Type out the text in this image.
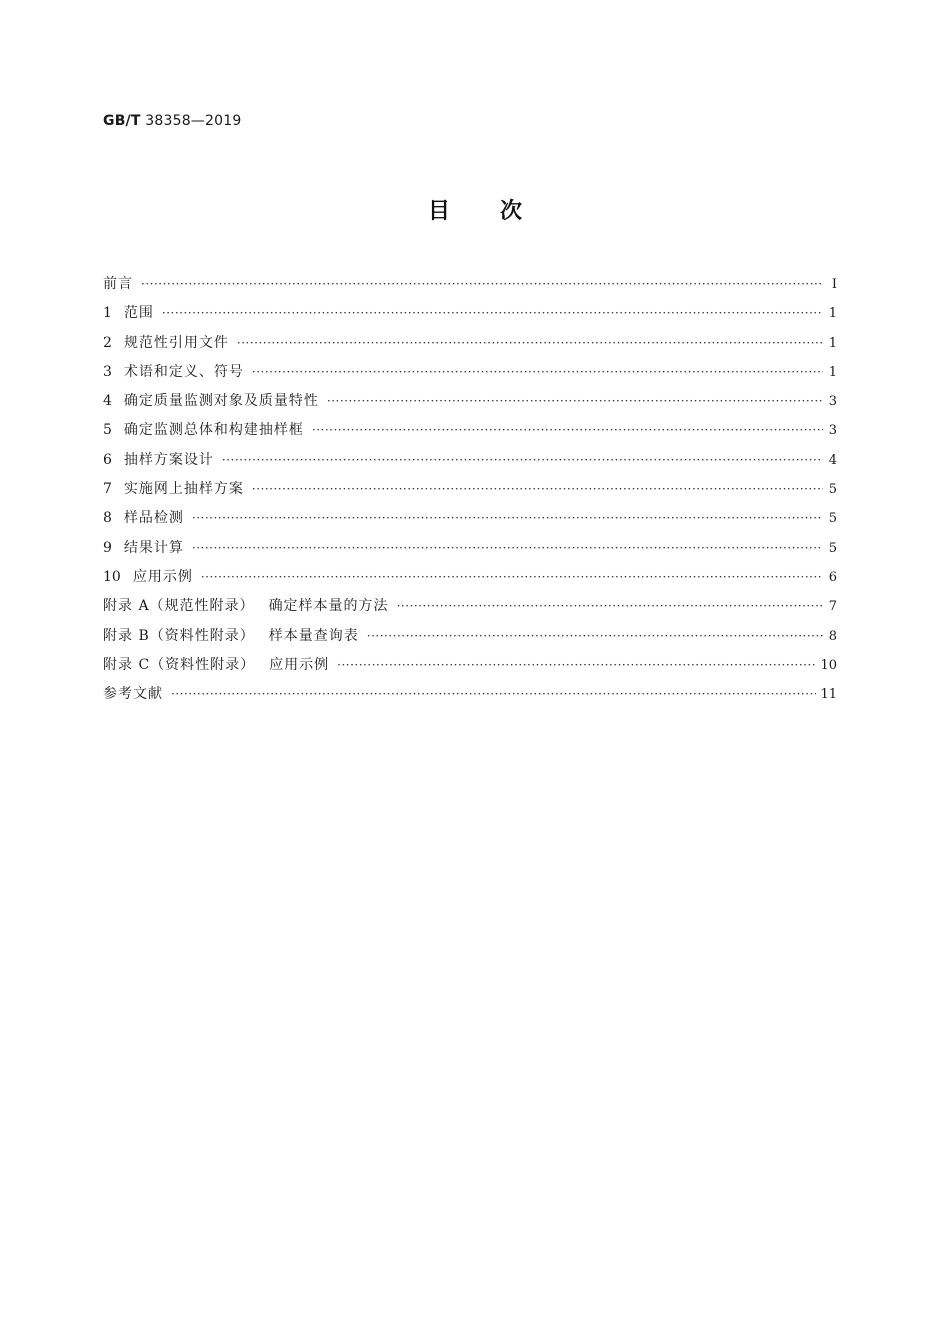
GB/T 38358—2019
目次
前言 ·····	Ⅰ
1 范围 ·····	1
2 规范性引用文件 ·····	1
3 术语和定义、符号 ·····	1
4 确定质量监测对象及质量特性 ·····	3
5 确定监测总体和构建抽样框 ·····	3
6 抽样方案设计 ·····	4
7 实施网上抽样方案 ·····	5
8 样品检测 ·····	5
9 结果计算 ·····	5
10 应用示例 ·····	6
附录 A（规范性附录） 确定样本量的方法 ·····	7
附录 B（资料性附录） 样本量查询表 ·····	8
附录 C（资料性附录） 应用示例 ·····	10
参考文献 ·····	11
